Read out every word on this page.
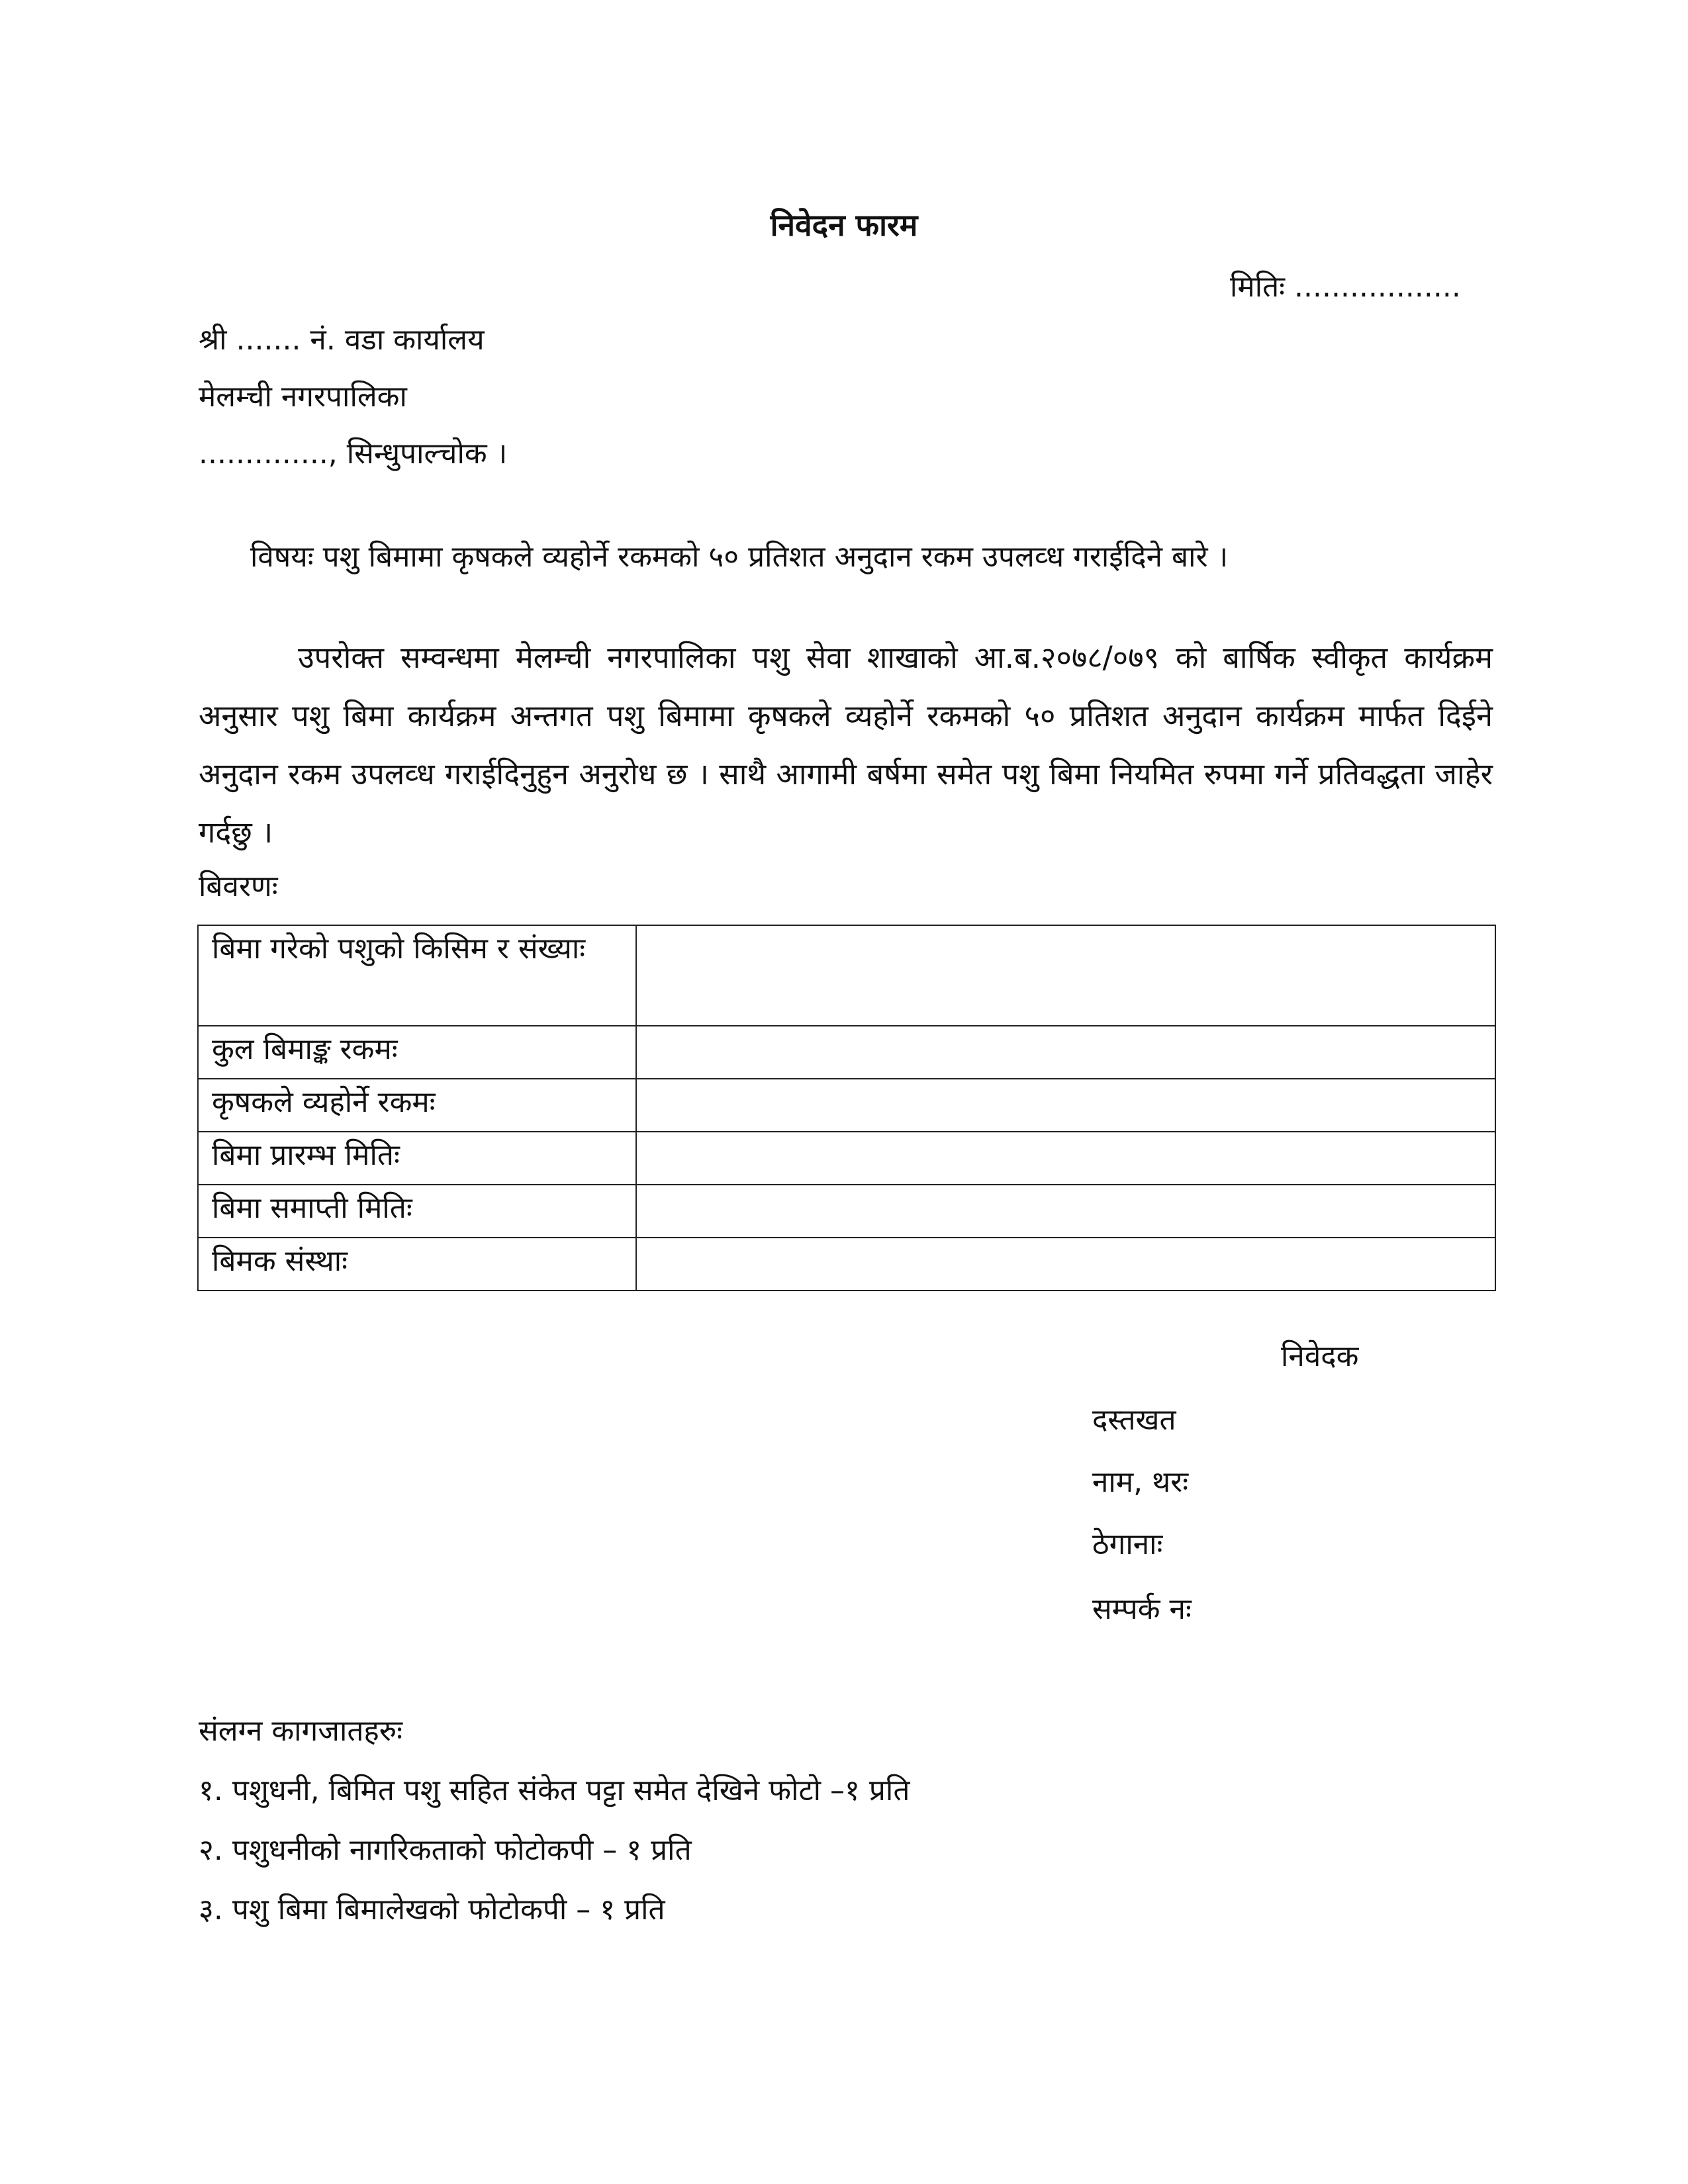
निवेदन फारम
मितिः ..................
श्री ....... नं. वडा कार्यालय
मेलम्ची नगरपालिका
.............., सिन्धुपाल्चोक ।
विषयः पशु बिमामा कृषकले व्यहोर्ने रकमको ५० प्रतिशत अनुदान रकम उपलव्ध गराईदिने बारे ।
उपरोक्त सम्वन्धमा मेलम्ची नगरपालिका पशु सेवा शाखाको आ.ब.२०७८/०७९ को बार्षिक स्वीकृत कार्यक्रम अनुसार पशु बिमा कार्यक्रम अन्तगत पशु बिमामा कृषकले व्यहोर्ने रकमको ५० प्रतिशत अनुदान कार्यक्रम मार्फत दिईने अनुदान रकम उपलव्ध गराईदिनुहुन अनुरोध छ । साथै आगामी बर्षमा समेत पशु बिमा नियमित रुपमा गर्ने प्रतिवद्धता जाहेर गर्दछु ।
बिवरणः
बिमा गरेको पशुको किसिम र संख्याः	
कुल बिमाङ्क रकमः	
कृषकले व्यहोर्ने रकमः	
बिमा प्रारम्भ मितिः	
बिमा समाप्ती मितिः	
बिमक संस्थाः	
निवेदक
दस्तखत
नाम, थरः
ठेगानाः
सम्पर्क नः
संलग्न कागजातहरुः
१. पशुधनी, बिमित पशु सहित संकेत पट्टा समेत देखिने फोटो –१ प्रति
२. पशुधनीको नागरिकताको फोटोकपी – १ प्रति
३. पशु बिमा बिमालेखको फोटोकपी – १ प्रति
